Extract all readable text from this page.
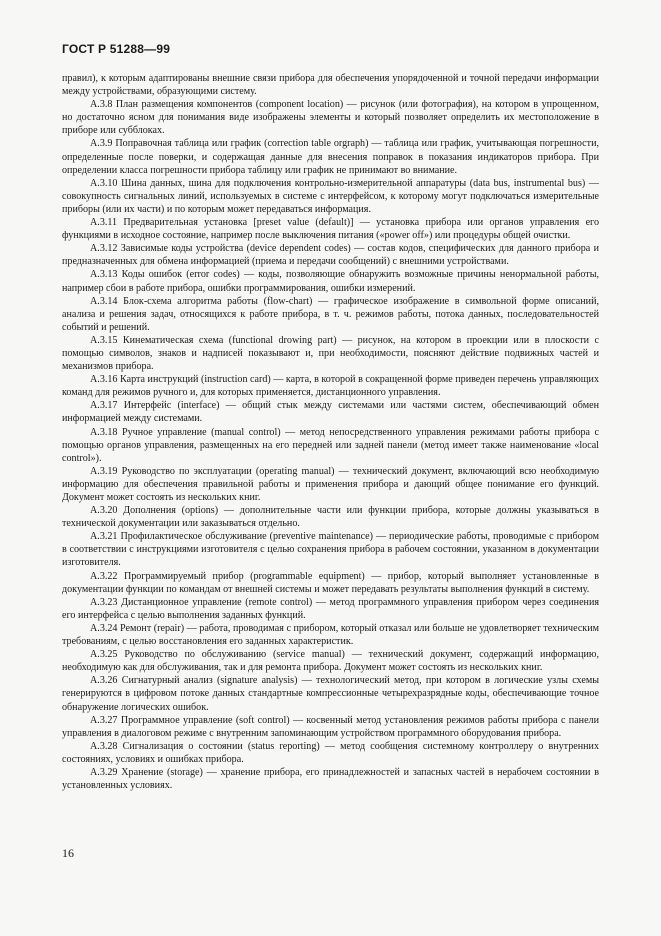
ГОСТ Р 51288—99

правил), к которым адаптированы внешние связи прибора для обеспечения упорядоченной и точной передачи информации между устройствами, образующими систему.

А.3.8 План размещения компонентов (component location) — рисунок (или фотография), на котором в упрощенном, но достаточно ясном для понимания виде изображены элементы и который позволяет определить их местоположение в приборе или субблоках.

А.3.9 Поправочная таблица или график (correction table orgraph) — таблица или график, учитывающая погрешности, определенные после поверки, и содержащая данные для внесения поправок в показания индикаторов прибора. При определении класса погрешности прибора таблицу или график не принимают во внимание.

А.3.10 Шина данных, шина для подключения контрольно-измерительной аппаратуры (data bus, instrumental bus) — совокупность сигнальных линий, используемых в системе с интерфейсом, к которому могут подключаться измерительные приборы (или их части) и по которым может передаваться информация.

А.3.11 Предварительная установка [preset value (default)] — установка прибора или органов управления его функциями в исходное состояние, например после выключения питания («power off») или процедуры общей очистки.

А.3.12 Зависимые коды устройства (device dependent codes) — состав кодов, специфических для данного прибора и предназначенных для обмена информацией (приема и передачи сообщений) с внешними устройствами.

А.3.13 Коды ошибок (error codes) — коды, позволяющие обнаружить возможные причины ненормальной работы, например сбои в работе прибора, ошибки программирования, ошибки измерений.

А.3.14 Блок-схема алгоритма работы (flow-chart) — графическое изображение в символьной форме описаний, анализа и решения задач, относящихся к работе прибора, в т. ч. режимов работы, потока данных, последовательностей событий и решений.

А.3.15 Кинематическая схема (functional drowing part) — рисунок, на котором в проекции или в плоскости с помощью символов, знаков и надписей показывают и, при необходимости, поясняют действие подвижных частей и механизмов прибора.

А.3.16 Карта инструкций (instruction card) — карта, в которой в сокращенной форме приведен перечень управляющих команд для режимов ручного и, для которых применяется, дистанционного управления.

А.3.17 Интерфейс (interface) — общий стык между системами или частями систем, обеспечивающий обмен информацией между системами.

А.3.18 Ручное управление (manual control) — метод непосредственного управления режимами работы прибора с помощью органов управления, размещенных на его передней или задней панели (метод имеет также наименование «local control»).

А.3.19 Руководство по эксплуатации (operating manual) — технический документ, включающий всю необходимую информацию для обеспечения правильной работы и применения прибора и дающий общее понимание его функций. Документ может состоять из нескольких книг.

А.3.20 Дополнения (options) — дополнительные части или функции прибора, которые должны указываться в технической документации или заказываться отдельно.

А.3.21 Профилактическое обслуживание (preventive maintenance) — периодические работы, проводимые с прибором в соответствии с инструкциями изготовителя с целью сохранения прибора в рабочем состоянии, указанном в документации изготовителя.

А.3.22 Программируемый прибор (programmable equipment) — прибор, который выполняет установленные в документации функции по командам от внешней системы и может передавать результаты выполнения функций в систему.

А.3.23 Дистанционное управление (remote control) — метод программного управления прибором через соединения его интерфейса с целью выполнения заданных функций.

А.3.24 Ремонт (repair) — работа, проводимая с прибором, который отказал или больше не удовлетворяет техническим требованиям, с целью восстановления его заданных характеристик.

А.3.25 Руководство по обслуживанию (service manual) — технический документ, содержащий информацию, необходимую как для обслуживания, так и для ремонта прибора. Документ может состоять из нескольких книг.

А.3.26 Сигнатурный анализ (signature analysis) — технологический метод, при котором в логические узлы схемы генерируются в цифровом потоке данных стандартные компрессионные четырехразрядные коды, обеспечивающие точное обнаружение логических ошибок.

А.3.27 Программное управление (soft control) — косвенный метод установления режимов работы прибора с панели управления в диалоговом режиме с внутренним запоминающим устройством программного оборудования прибора.

А.3.28 Сигнализация о состоянии (status reporting) — метод сообщения системному контроллеру о внутренних состояниях, условиях и ошибках прибора.

А.3.29 Хранение (storage) — хранение прибора, его принадлежностей и запасных частей в нерабочем состоянии в установленных условиях.

16
